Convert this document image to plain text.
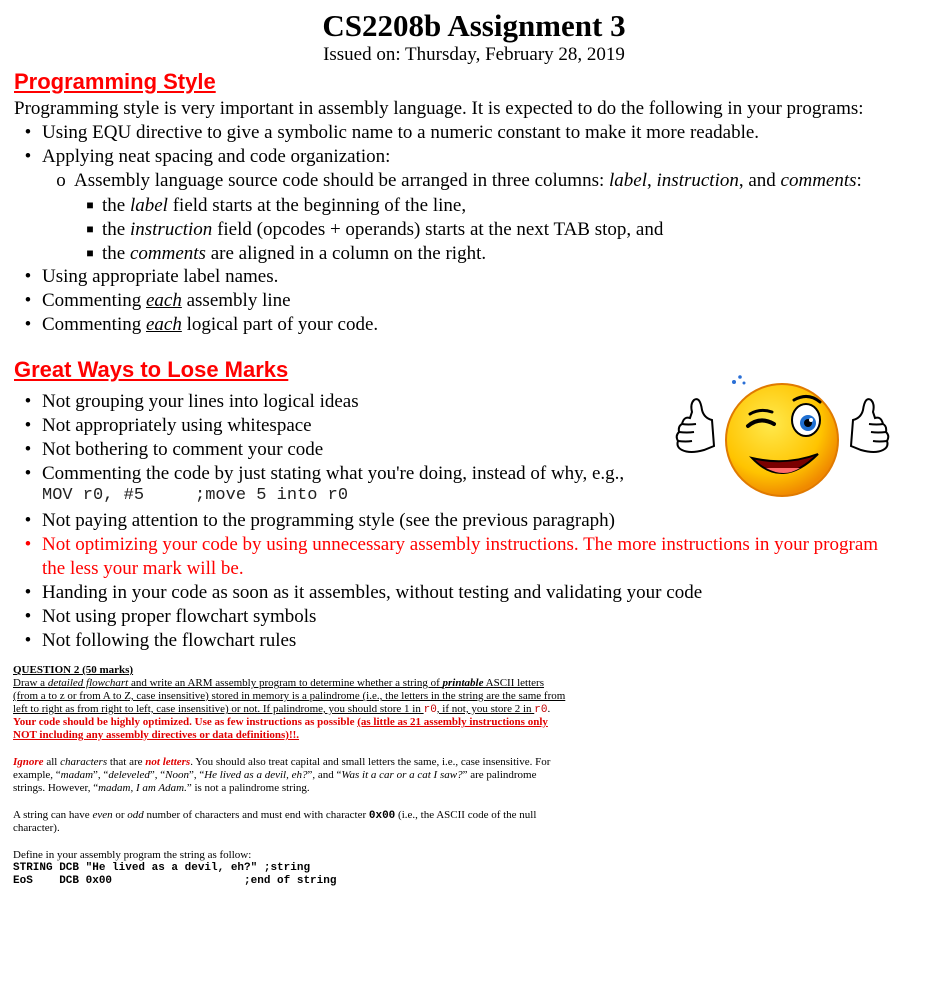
CS2208b Assignment 3
Issued on: Thursday, February 28, 2019
Programming Style
Programming style is very important in assembly language. It is expected to do the following in your programs:
• Using EQU directive to give a symbolic name to a numeric constant to make it more readable.
• Applying neat spacing and code organization:
o Assembly language source code should be arranged in three columns: label, instruction, and comments:
■ the label field starts at the beginning of the line,
■ the instruction field (opcodes + operands) starts at the next TAB stop, and
■ the comments are aligned in a column on the right.
• Using appropriate label names.
• Commenting each assembly line
• Commenting each logical part of your code.
Great Ways to Lose Marks
• Not grouping your lines into logical ideas
• Not appropriately using whitespace
• Not bothering to comment your code
• Commenting the code by just stating what you're doing, instead of why, e.g.,
MOV r0, #5     ;move 5 into r0
• Not paying attention to the programming style (see the previous paragraph)
• Not optimizing your code by using unnecessary assembly instructions. The more instructions in your program
the less your mark will be.
• Handing in your code as soon as it assembles, without testing and validating your code
• Not using proper flowchart symbols
• Not following the flowchart rules
QUESTION 2 (50 marks)
Draw a detailed flowchart and write an ARM assembly program to determine whether a string of printable ASCII letters
(from a to z or from A to Z, case insensitive) stored in memory is a palindrome (i.e., the letters in the string are the same from
left to right as from right to left, case insensitive) or not. If palindrome, you should store 1 in r0, if not, you store 2 in r0.
Your code should be highly optimized. Use as few instructions as possible (as little as 21 assembly instructions only
NOT including any assembly directives or data definitions)!!.
Ignore all characters that are not letters. You should also treat capital and small letters the same, i.e., case insensitive. For
example, “madam”, “deleveled”, “Noon”, “He lived as a devil, eh?”, and “Was it a car or a cat I saw?” are palindrome
strings. However, “madam, I am Adam.” is not a palindrome string.
A string can have even or odd number of characters and must end with character 0x00 (i.e., the ASCII code of the null
character).
Define in your assembly program the string as follow:
STRING DCB "He lived as a devil, eh?" ;string
EoS    DCB 0x00                    ;end of string
